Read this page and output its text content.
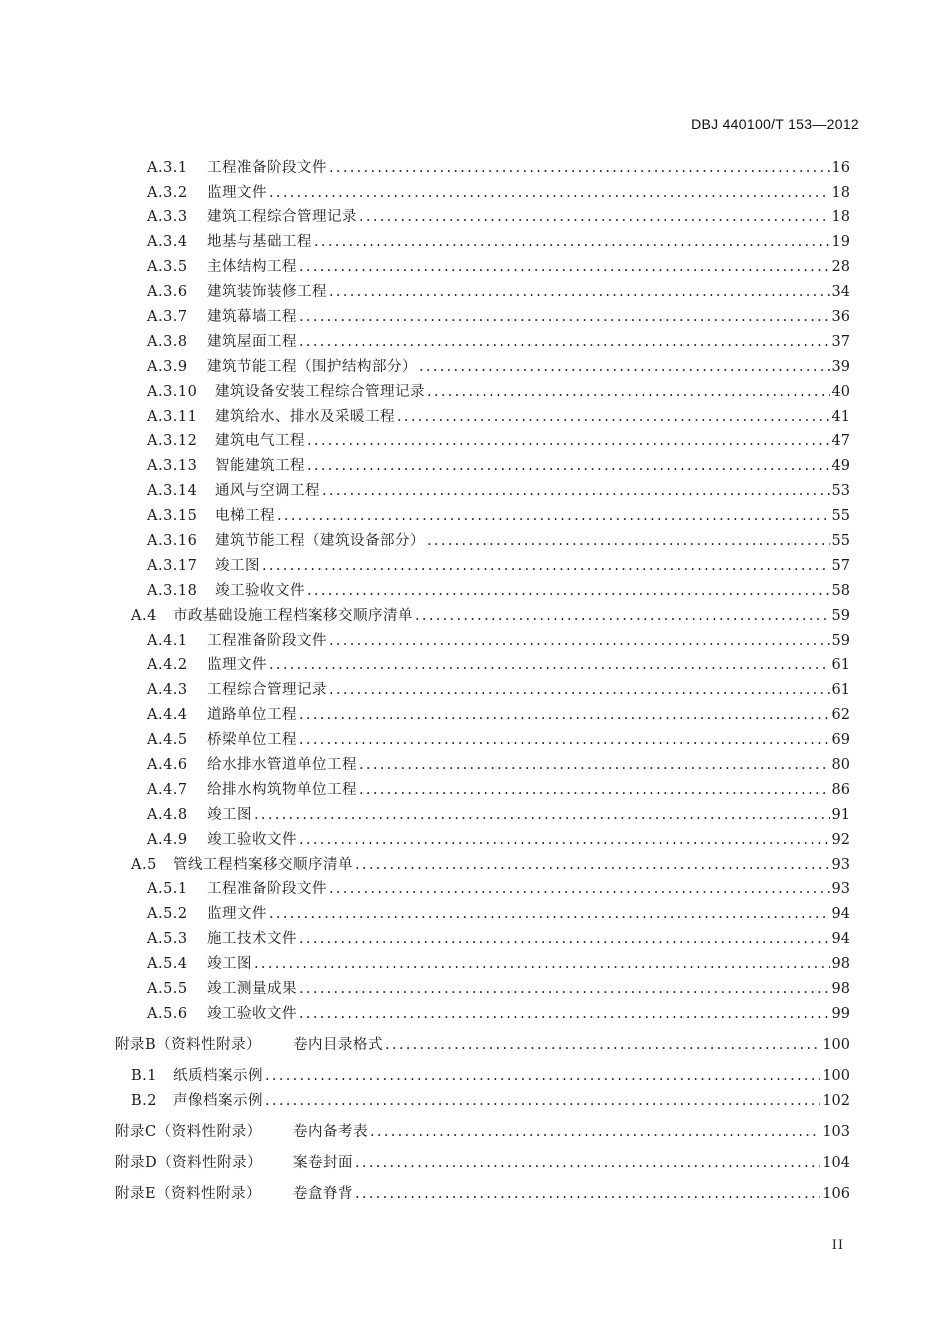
DBJ 440100/T 153—2012
A.3.1	工程准备阶段文件 .....	16
A.3.2	监理文件 .....	18
A.3.3	建筑工程综合管理记录 .....	18
A.3.4	地基与基础工程 .....	19
A.3.5	主体结构工程 .....	28
A.3.6	建筑装饰装修工程 .....	34
A.3.7	建筑幕墙工程 .....	36
A.3.8	建筑屋面工程 .....	37
A.3.9	建筑节能工程（围护结构部分） .....	39
A.3.10	建筑设备安装工程综合管理记录 .....	40
A.3.11	建筑给水、排水及采暖工程 .....	41
A.3.12	建筑电气工程 .....	47
A.3.13	智能建筑工程 .....	49
A.3.14	通风与空调工程 .....	53
A.3.15	电梯工程 .....	55
A.3.16	建筑节能工程（建筑设备部分） .....	55
A.3.17	竣工图 .....	57
A.3.18	竣工验收文件 .....	58
A.4	市政基础设施工程档案移交顺序清单 .....	59
A.4.1	工程准备阶段文件 .....	59
A.4.2	监理文件 .....	61
A.4.3	工程综合管理记录 .....	61
A.4.4	道路单位工程 .....	62
A.4.5	桥梁单位工程 .....	69
A.4.6	给水排水管道单位工程 .....	80
A.4.7	给排水构筑物单位工程 .....	86
A.4.8	竣工图 .....	91
A.4.9	竣工验收文件 .....	92
A.5	管线工程档案移交顺序清单 .....	93
A.5.1	工程准备阶段文件 .....	93
A.5.2	监理文件 .....	94
A.5.3	施工技术文件 .....	94
A.5.4	竣工图 .....	98
A.5.5	竣工测量成果 .....	98
A.5.6	竣工验收文件 .....	99
附录B（资料性附录）	卷内目录格式 .....	100
B.1	纸质档案示例 .....	100
B.2	声像档案示例 .....	102
附录C（资料性附录）	卷内备考表 .....	103
附录D（资料性附录）	案卷封面 .....	104
附录E（资料性附录）	卷盒脊背 .....	106
II
